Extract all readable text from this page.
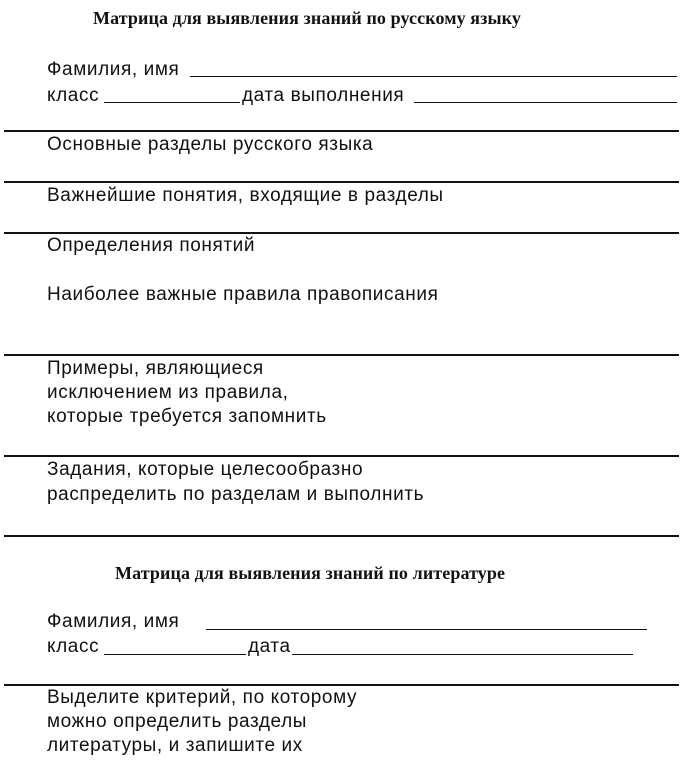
Матрица для выявления знаний по русскому языку
Фамилия, имя
класс	дата выполнения
Основные разделы русского языка
Важнейшие понятия, входящие в разделы
Определения понятий
Наиболее важные правила правописания
Примеры, являющиеся
исключением из правила,
которые требуется запомнить
Задания, которые целесообразно
распределить по разделам и выполнить
Матрица для выявления знаний по литературе
Фамилия, имя
класс	дата
Выделите критерий, по которому
можно определить разделы
литературы, и запишите их
